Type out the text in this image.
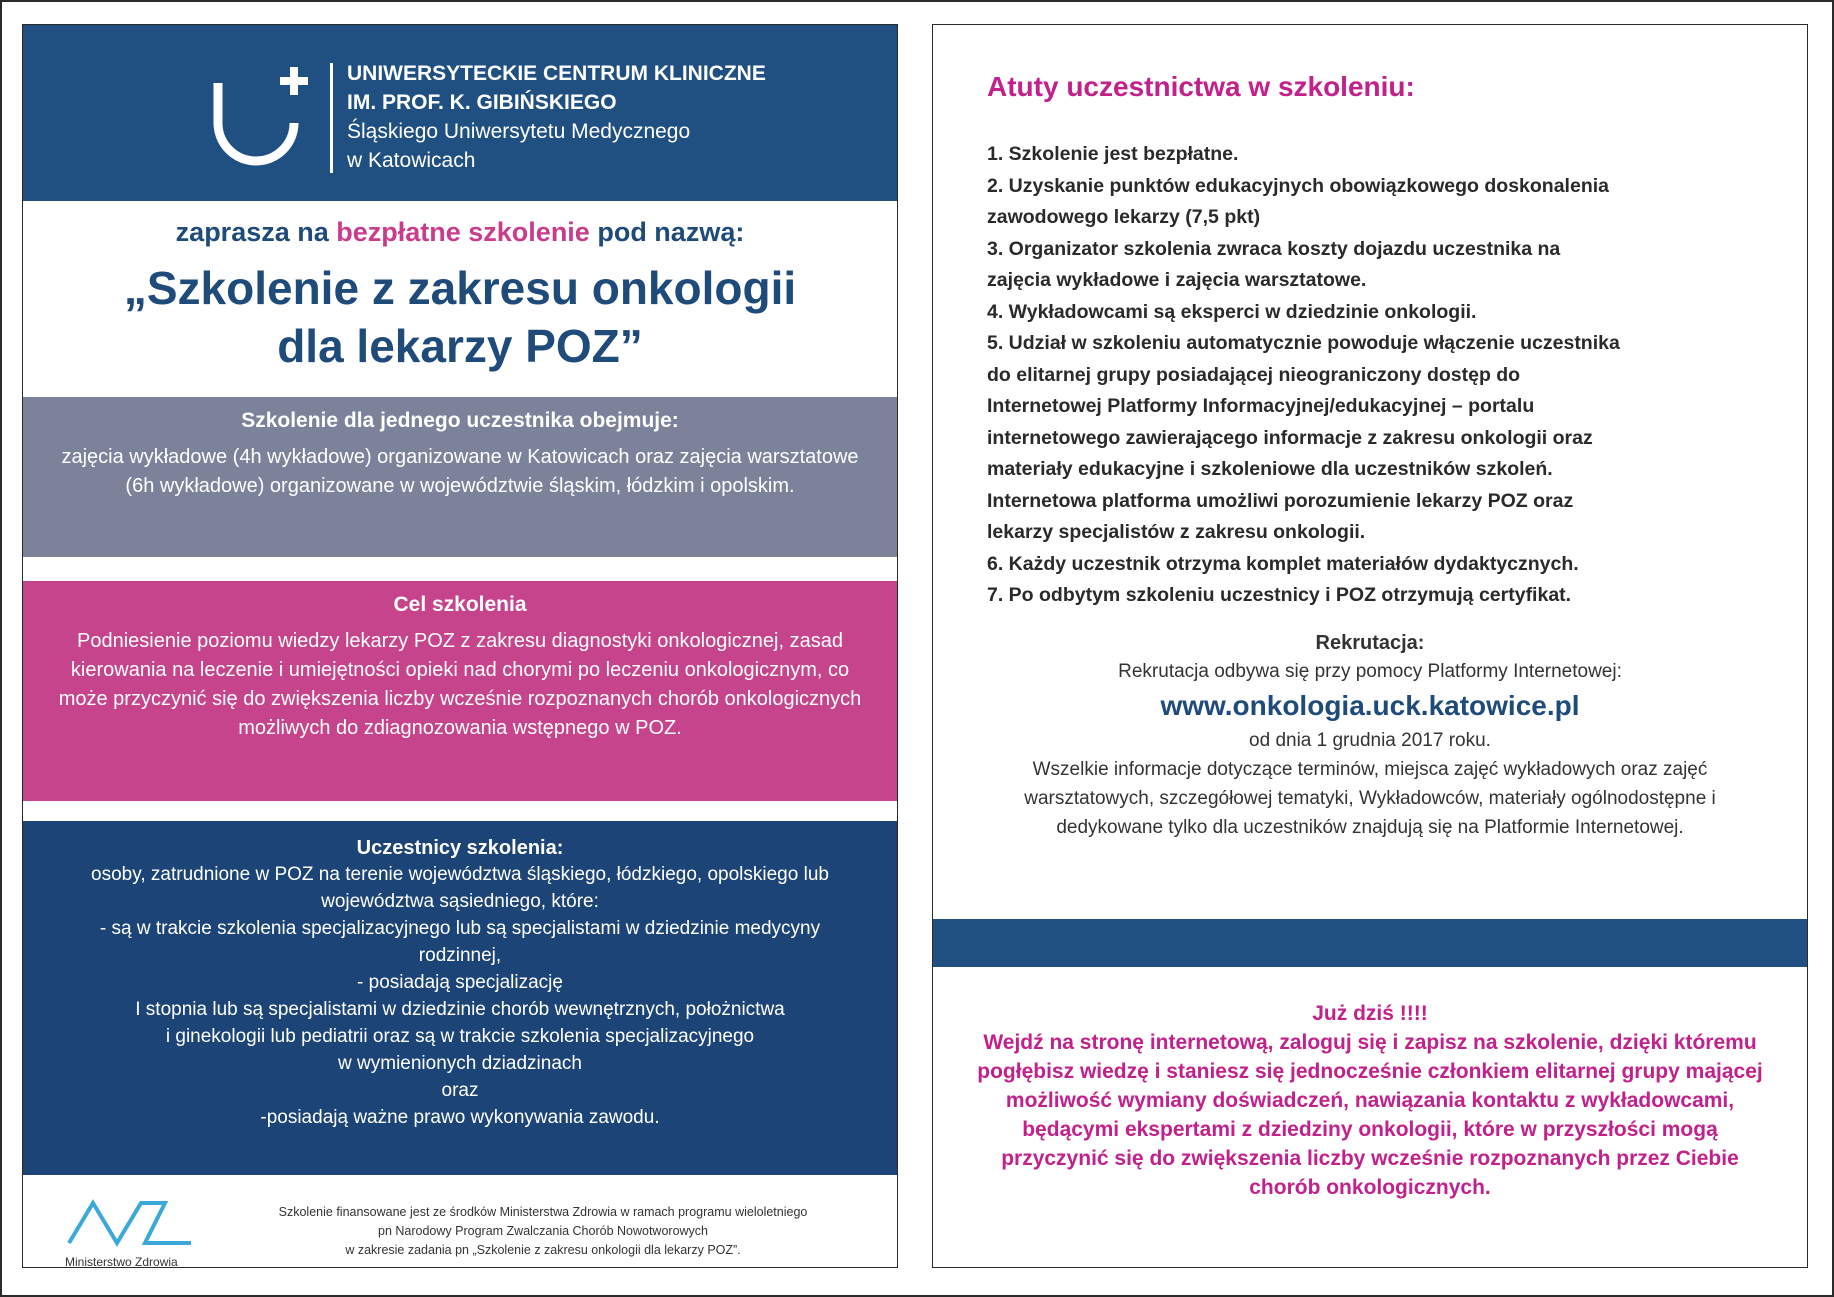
UNIWERSYTECKIE CENTRUM KLINICZNE
IM. PROF. K. GIBIŃSKIEGO
Śląskiego Uniwersytetu Medycznego
w Katowicach
zaprasza na bezpłatne szkolenie pod nazwą:
„Szkolenie z zakresu onkologii
dla lekarzy POZ”
Szkolenie dla jednego uczestnika obejmuje:
zajęcia wykładowe (4h wykładowe) organizowane w Katowicach oraz zajęcia warsztatowe (6h wykładowe) organizowane w województwie śląskim, łódzkim i opolskim.
Cel szkolenia
Podniesienie poziomu wiedzy lekarzy POZ z zakresu diagnostyki onkologicznej, zasad kierowania na leczenie i umiejętności opieki nad chorymi po leczeniu onkologicznym, co może przyczynić się do zwiększenia liczby wcześnie rozpoznanych chorób onkologicznych możliwych do zdiagnozowania wstępnego w POZ.
Uczestnicy szkolenia:
osoby, zatrudnione w POZ na terenie województwa śląskiego, łódzkiego, opolskiego lub
województwa sąsiedniego, które:
- są w trakcie szkolenia specjalizacyjnego lub są specjalistami w dziedzinie medycyny
rodzinnej,
- posiadają specjalizację
I stopnia lub są specjalistami w dziedzinie chorób wewnętrznych, położnictwa
i ginekologii lub pediatrii oraz są w trakcie szkolenia specjalizacyjnego
w wymienionych dziadzinach
oraz
-posiadają ważne prawo wykonywania zawodu.
Ministerstwo Zdrowia
Szkolenie finansowane jest ze środków Ministerstwa Zdrowia w ramach programu wieloletniego
pn Narodowy Program Zwalczania Chorób Nowotworowych
w zakresie zadania pn „Szkolenie z zakresu onkologii dla lekarzy POZ”.
Atuty uczestnictwa w szkoleniu:
1. Szkolenie jest bezpłatne.
2. Uzyskanie punktów edukacyjnych obowiązkowego doskonalenia
zawodowego lekarzy (7,5 pkt)
3. Organizator szkolenia zwraca koszty dojazdu uczestnika na
zajęcia wykładowe i zajęcia warsztatowe.
4. Wykładowcami są eksperci w dziedzinie onkologii.
5. Udział w szkoleniu automatycznie powoduje włączenie uczestnika
do elitarnej grupy posiadającej nieograniczony dostęp do
Internetowej Platformy Informacyjnej/edukacyjnej – portalu
internetowego zawierającego informacje z zakresu onkologii oraz
materiały edukacyjne i szkoleniowe dla uczestników szkoleń.
Internetowa platforma umożliwi porozumienie lekarzy POZ oraz
lekarzy specjalistów z zakresu onkologii.
6. Każdy uczestnik otrzyma komplet materiałów dydaktycznych.
7. Po odbytym szkoleniu uczestnicy i POZ otrzymują certyfikat.
Rekrutacja:
Rekrutacja odbywa się przy pomocy Platformy Internetowej:
www.onkologia.uck.katowice.pl
od dnia 1 grudnia 2017 roku.
Wszelkie informacje dotyczące terminów, miejsca zajęć wykładowych oraz zajęć warsztatowych, szczegółowej tematyki, Wykładowców, materiały ogólnodostępne i dedykowane tylko dla uczestników znajdują się na Platformie Internetowej.
Już dziś !!!!
Wejdź na stronę internetową, zaloguj się i zapisz na szkolenie, dzięki któremu pogłębisz wiedzę i staniesz się jednocześnie członkiem elitarnej grupy mającej możliwość wymiany doświadczeń, nawiązania kontaktu z wykładowcami, będącymi ekspertami z dziedziny onkologii, które w przyszłości mogą przyczynić się do zwiększenia liczby wcześnie rozpoznanych przez Ciebie chorób onkologicznych.
